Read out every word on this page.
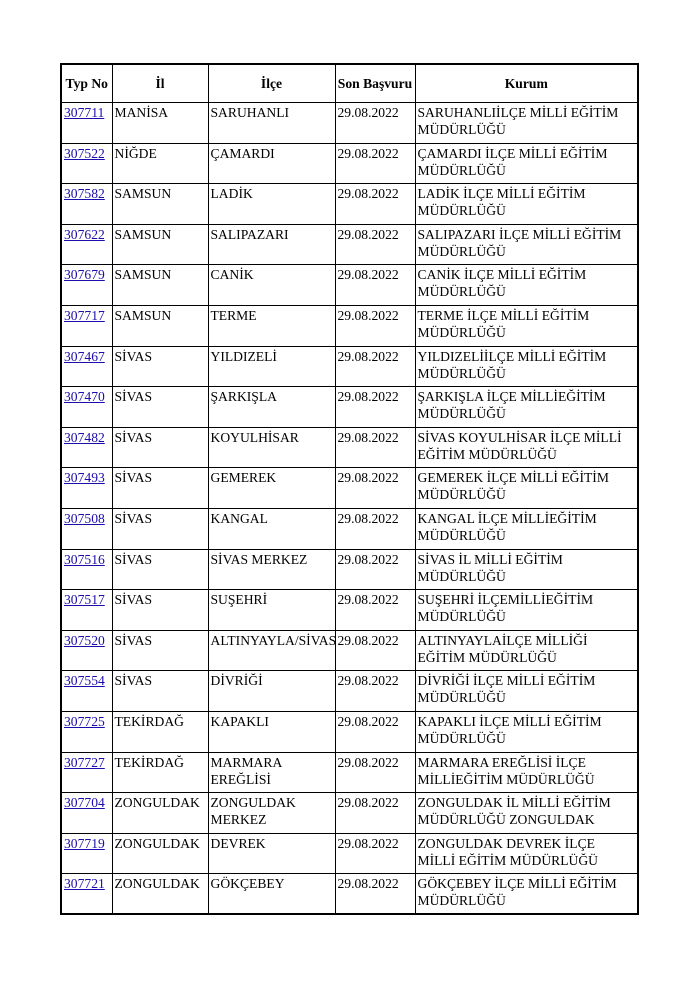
Typ No	İl	İlçe	Son Başvuru	Kurum
307711	MANİSA	SARUHANLI	29.08.2022	SARUHANLIİLÇE MİLLİ EĞİTİM MÜDÜRLÜĞÜ
307522	NİĞDE	ÇAMARDI	29.08.2022	ÇAMARDI İLÇE MİLLİ EĞİTİM MÜDÜRLÜĞÜ
307582	SAMSUN	LADİK	29.08.2022	LADİK İLÇE MİLLİ EĞİTİM MÜDÜRLÜĞÜ
307622	SAMSUN	SALIPAZARI	29.08.2022	SALIPAZARI İLÇE MİLLİ EĞİTİM MÜDÜRLÜĞÜ
307679	SAMSUN	CANİK	29.08.2022	CANİK İLÇE MİLLİ EĞİTİM MÜDÜRLÜĞÜ
307717	SAMSUN	TERME	29.08.2022	TERME İLÇE MİLLİ EĞİTİM MÜDÜRLÜĞÜ
307467	SİVAS	YILDIZELİ	29.08.2022	YILDIZELİİLÇE MİLLİ EĞİTİM MÜDÜRLÜĞÜ
307470	SİVAS	ŞARKIŞLA	29.08.2022	ŞARKIŞLA İLÇE MİLLİEĞİTİM MÜDÜRLÜĞÜ
307482	SİVAS	KOYULHİSAR	29.08.2022	SİVAS KOYULHİSAR İLÇE MİLLİ EĞİTİM MÜDÜRLÜĞÜ
307493	SİVAS	GEMEREK	29.08.2022	GEMEREK İLÇE MİLLİ EĞİTİM MÜDÜRLÜĞÜ
307508	SİVAS	KANGAL	29.08.2022	KANGAL İLÇE MİLLİEĞİTİM MÜDÜRLÜĞÜ
307516	SİVAS	SİVAS MERKEZ	29.08.2022	SİVAS İL MİLLİ EĞİTİM MÜDÜRLÜĞÜ
307517	SİVAS	SUŞEHRİ	29.08.2022	SUŞEHRİ İLÇEMİLLİEĞİTİM MÜDÜRLÜĞÜ
307520	SİVAS	ALTINYAYLA/SİVAS	29.08.2022	ALTINYAYLAİLÇE MİLLİĞİ EĞİTİM MÜDÜRLÜĞÜ
307554	SİVAS	DİVRİĞİ	29.08.2022	DİVRİĞİ İLÇE MİLLİ EĞİTİM MÜDÜRLÜĞÜ
307725	TEKİRDAĞ	KAPAKLI	29.08.2022	KAPAKLI İLÇE MİLLİ EĞİTİM MÜDÜRLÜĞÜ
307727	TEKİRDAĞ	MARMARA EREĞLİSİ	29.08.2022	MARMARA EREĞLİSİ İLÇE MİLLİEĞİTİM MÜDÜRLÜĞÜ
307704	ZONGULDAK	ZONGULDAK MERKEZ	29.08.2022	ZONGULDAK İL MİLLİ EĞİTİM MÜDÜRLÜĞÜ ZONGULDAK
307719	ZONGULDAK	DEVREK	29.08.2022	ZONGULDAK DEVREK İLÇE MİLLİ EĞİTİM MÜDÜRLÜĞÜ
307721	ZONGULDAK	GÖKÇEBEY	29.08.2022	GÖKÇEBEY İLÇE MİLLİ EĞİTİM MÜDÜRLÜĞÜ
